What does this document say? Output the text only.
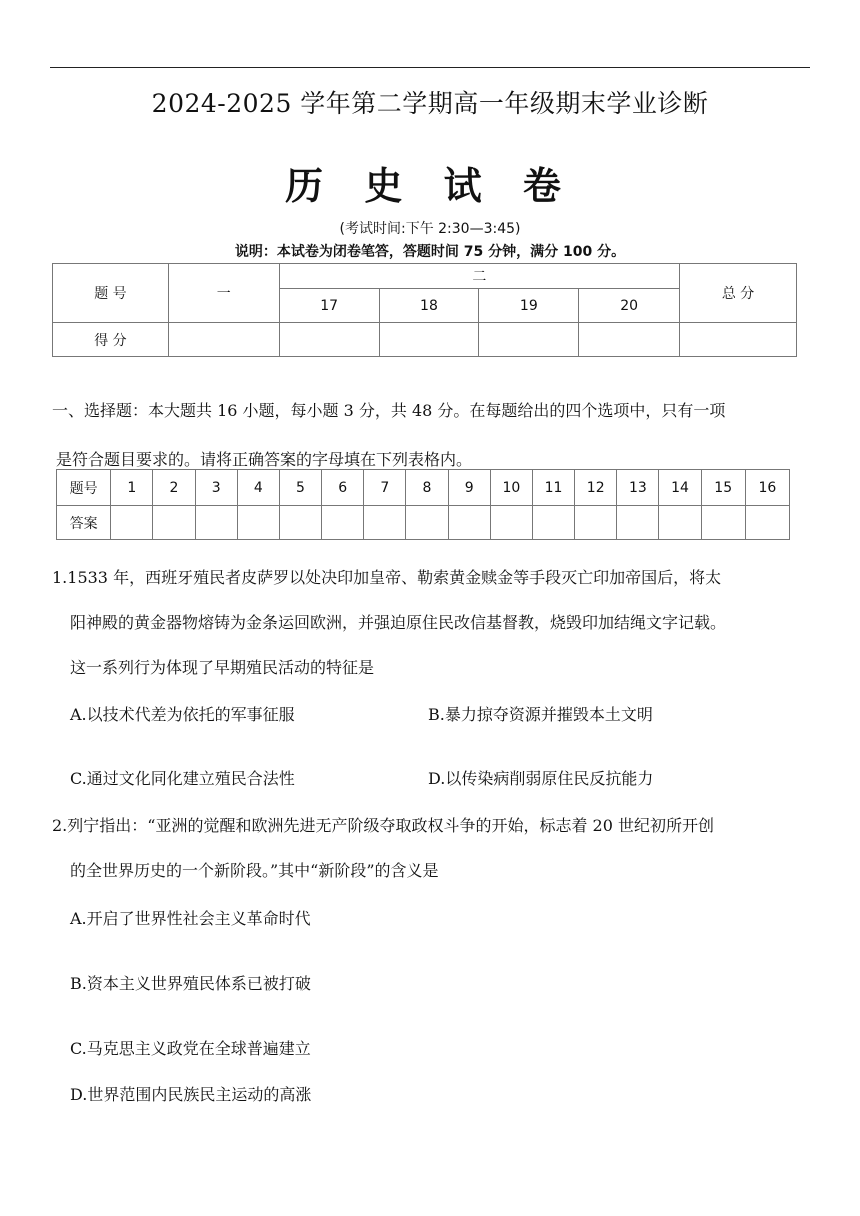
2024-2025 学年第二学期高一年级期末学业诊断
历 史 试 卷
(考试时间:下午 2:30—3:45)
说明：本试卷为闭卷笔答，答题时间 75 分钟，满分 100 分。
题 号	一	二				总 分
		17	18	19	20	
得 分						
一、选择题：本大题共 16 小题，每小题 3 分，共 48 分。在每题给出的四个选项中，只有一项
是符合题目要求的。请将正确答案的字母填在下列表格内。
题号	1	2	3	4	5	6	7	8	9	10	11	12	13	14	15	16
答案																
1.1533 年，西班牙殖民者皮萨罗以处决印加皇帝、勒索黄金赎金等手段灭亡印加帝国后，将太
阳神殿的黄金器物熔铸为金条运回欧洲，并强迫原住民改信基督教，烧毁印加结绳文字记载。
这一系列行为体现了早期殖民活动的特征是
A.以技术代差为依托的军事征服	B.暴力掠夺资源并摧毁本土文明
C.通过文化同化建立殖民合法性	D.以传染病削弱原住民反抗能力
2.列宁指出：“亚洲的觉醒和欧洲先进无产阶级夺取政权斗争的开始，标志着 20 世纪初所开创
的全世界历史的一个新阶段。”其中“新阶段”的含义是
A.开启了世界性社会主义革命时代
B.资本主义世界殖民体系已被打破
C.马克思主义政党在全球普遍建立
D.世界范围内民族民主运动的高涨
